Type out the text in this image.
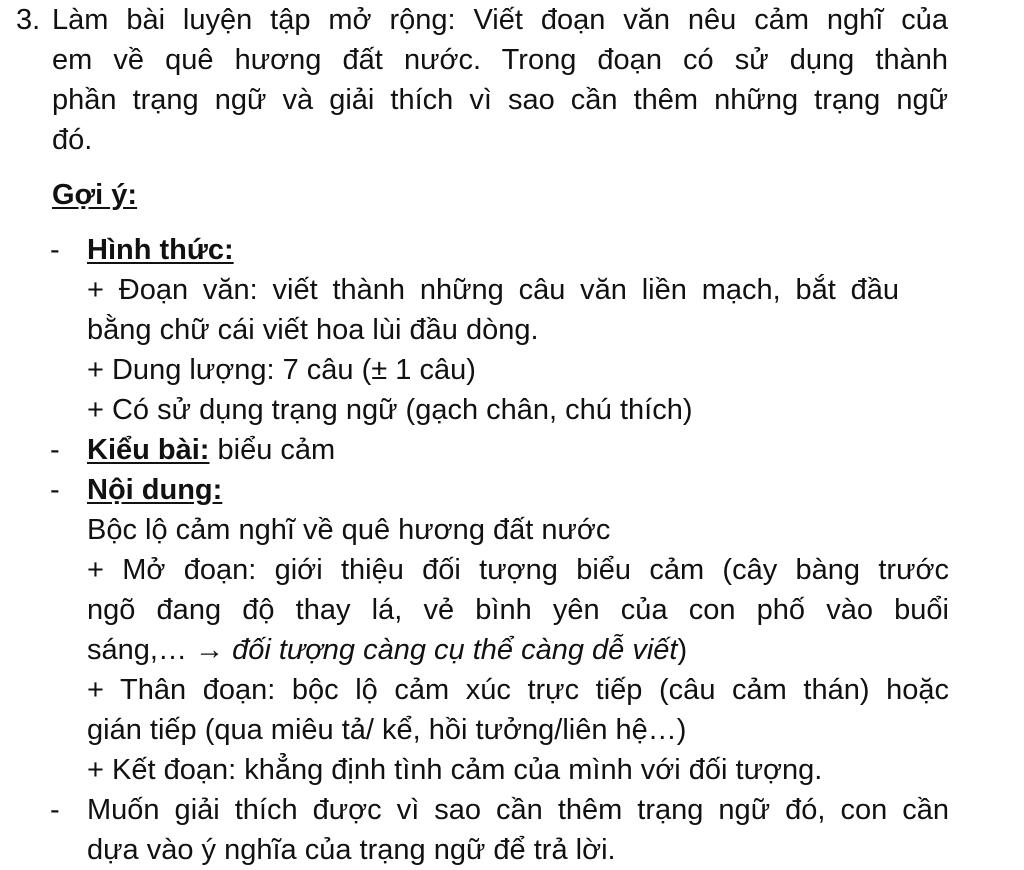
3. Làm bài luyện tập mở rộng: Viết đoạn văn nêu cảm nghĩ của
em về quê hương đất nước. Trong đoạn có sử dụng thành
phần trạng ngữ và giải thích vì sao cần thêm những trạng ngữ
đó.
Gợi ý:
- Hình thức:
+ Đoạn văn: viết thành những câu văn liền mạch, bắt đầu
bằng chữ cái viết hoa lùi đầu dòng.
+ Dung lượng: 7 câu (± 1 câu)
+ Có sử dụng trạng ngữ (gạch chân, chú thích)
- Kiểu bài: biểu cảm
- Nội dung:
Bộc lộ cảm nghĩ về quê hương đất nước
+ Mở đoạn: giới thiệu đối tượng biểu cảm (cây bàng trước
ngõ đang độ thay lá, vẻ bình yên của con phố vào buổi
sáng,… → đối tượng càng cụ thể càng dễ viết)
+ Thân đoạn: bộc lộ cảm xúc trực tiếp (câu cảm thán) hoặc
gián tiếp (qua miêu tả/ kể, hồi tưởng/liên hệ…)
+ Kết đoạn: khẳng định tình cảm của mình với đối tượng.
- Muốn giải thích được vì sao cần thêm trạng ngữ đó, con cần
dựa vào ý nghĩa của trạng ngữ để trả lời.
